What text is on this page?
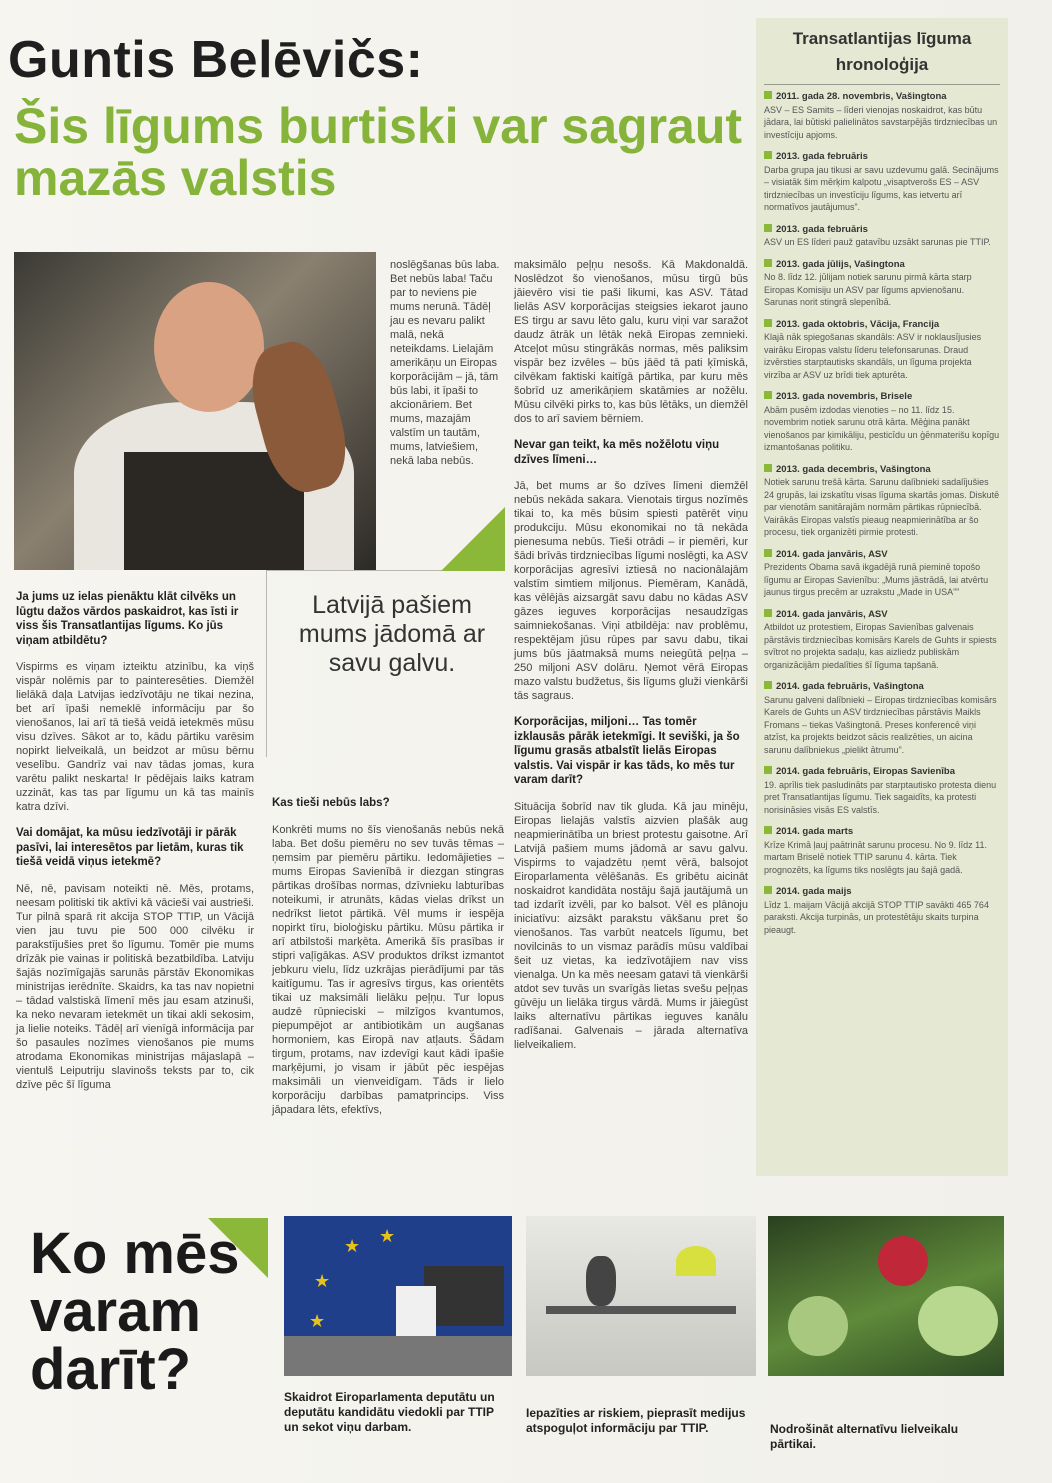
Guntis Belēvičs:
Šis līgums burtiski var sagraut mazās valstis
Ja jums uz ielas pienāktu klāt cilvēks un lūgtu dažos vārdos paskaidrot, kas īsti ir viss šis Transatlantijas līgums. Ko jūs viņam atbildētu?
Vispirms es viņam izteiktu atzinību, ka viņš vispār nolēmis par to painteresēties. Diemžēl lielākā daļa Latvijas iedzīvotāju ne tikai nezina, bet arī īpaši nemeklē informāciju par šo vienošanos, lai arī tā tiešā veidā ietekmēs mūsu visu dzīves. Sākot ar to, kādu pārtiku varēsim nopirkt lielveikalā, un beidzot ar mūsu bērnu veselību. Gandrīz vai nav tādas jomas, kura varētu palikt neskarta! Ir pēdējais laiks katram uzzināt, kas tas par līgumu un kā tas mainīs katra dzīvi.
Vai domājat, ka mūsu iedzīvotāji ir pārāk pasīvi, lai interesētos par lietām, kuras tik tiešā veidā viņus ietekmē?
Nē, nē, pavisam noteikti nē. Mēs, protams, neesam politiski tik aktīvi kā vācieši vai austrieši. Tur pilnā sparā rit akcija STOP TTIP, un Vācijā vien jau tuvu pie 500 000 cilvēku ir parakstījušies pret šo līgumu. Tomēr pie mums drīzāk pie vainas ir politiskā bezatbildība. Latviju šajās nozīmīgajās sarunās pārstāv Ekonomikas ministrijas ierēdnīte. Skaidrs, ka tas nav nopietni – tādad valstiskā līmenī mēs jau esam atzinuši, ka neko nevaram ietekmēt un tikai akli sekosim, ja lielie noteiks. Tādēļ arī vienīgā informācija par šo pasaules nozīmes vienošanos pie mums atrodama Ekonomikas ministrijas mājaslapā – vientulš Leiputriju slavinošs teksts par to, cik dzīve pēc šī līguma
noslēgšanas būs laba. Bet nebūs laba! Taču par to neviens pie mums nerunā. Tādēļ jau es nevaru palikt malā, nekā neteikdams. Lielajām amerikāņu un Eiropas korporācijām – jā, tām būs labi, it īpaši to akcionāriem. Bet mums, mazajām valstīm un tautām, mums, latviešiem, nekā laba nebūs.
Latvijā pašiem mums jādomā ar savu galvu.
Kas tieši nebūs labs?
Konkrēti mums no šīs vienošanās nebūs nekā laba. Bet došu piemēru no sev tuvās tēmas – ņemsim par piemēru pārtiku. Iedomājieties – mums Eiropas Savienībā ir diezgan stingras pārtikas drošības normas, dzīvnieku labturības noteikumi, ir atrunāts, kādas vielas drīkst un nedrīkst lietot pārtikā. Vēl mums ir iespēja nopirkt tīru, bioloģisku pārtiku. Mūsu pārtika ir arī atbilstoši marķēta. Amerikā šīs prasības ir stipri vaļīgākas. ASV produktos drīkst izmantot jebkuru vielu, līdz uzkrājas pierādījumi par tās kaitīgumu. Tas ir agresīvs tirgus, kas orientēts tikai uz maksimāli lielāku peļņu. Tur lopus audzē rūpnieciski – milzīgos kvantumos, piepumpējot ar antibiotikām un augšanas hormoniem, kas Eiropā nav atļauts. Šādam tirgum, protams, nav izdevīgi kaut kādi īpašie marķējumi, jo visam ir jābūt pēc iespējas maksimāli un vienveidīgam. Tāds ir lielo korporāciju darbības pamatprincips. Viss jāpadara lēts, efektīvs,
maksimālo peļņu nesošs. Kā Makdonaldā. Noslēdzot šo vienošanos, mūsu tirgū būs jāievēro visi tie paši likumi, kas ASV. Tātad lielās ASV korporācijas steigsies iekarot jauno ES tirgu ar savu lēto galu, kuru viņi var saražot daudz ātrāk un lētāk nekā Eiropas zemnieki. Atceļot mūsu stingrākās normas, mēs paliksim vispār bez izvēles – būs jāēd tā pati ķīmiskā, cilvēkam faktiski kaitīgā pārtika, par kuru mēs šobrīd uz amerikāņiem skatāmies ar nožēlu. Mūsu cilvēki pirks to, kas būs lētāks, un diemžēl dos to arī saviem bērniem.
Nevar gan teikt, ka mēs nožēlotu viņu dzīves līmeni…
Jā, bet mums ar šo dzīves līmeni diemžēl nebūs nekāda sakara. Vienotais tirgus nozīmēs tikai to, ka mēs būsim spiesti patērēt viņu produkciju. Mūsu ekonomikai no tā nekāda pienesuma nebūs. Tieši otrādi – ir piemēri, kur šādi brīvās tirdzniecības līgumi noslēgti, ka ASV korporācijas agresīvi iztiesā no nacionālajām valstīm simtiem miljonus. Piemēram, Kanādā, kas vēlējās aizsargāt savu dabu no kādas ASV gāzes ieguves korporācijas nesaudzīgas saimniekošanas. Viņi atbildēja: nav problēmu, respektējam jūsu rūpes par savu dabu, tikai jums būs jāatmaksā mums neiegūtā peļņa – 250 miljoni ASV dolāru. Ņemot vērā Eiropas mazo valstu budžetus, šis līgums gluži vienkārši tās sagraus.
Korporācijas, miljoni… Tas tomēr izklausās pārāk ietekmīgi. It seviški, ja šo līgumu grasās atbalstīt lielās Eiropas valstis. Vai vispār ir kas tāds, ko mēs tur varam darīt?
Situācija šobrīd nav tik gluda. Kā jau minēju, Eiropas lielajās valstīs aizvien plašāk aug neapmierinātība un briest protestu gaisotne. Arī Latvijā pašiem mums jādomā ar savu galvu. Vispirms to vajadzētu ņemt vērā, balsojot Eiroparlamenta vēlēšanās. Es gribētu aicināt noskaidrot kandidāta nostāju šajā jautājumā un tad izdarīt izvēli, par ko balsot. Vēl es plānoju iniciatīvu: aizsākt parakstu vākšanu pret šo vienošanos. Tas varbūt neatcels līgumu, bet novilcinās to un vismaz parādīs mūsu valdībai šeit uz vietas, ka iedzīvotājiem nav viss vienalga. Un ka mēs neesam gatavi tā vienkārši atdot sev tuvās un svarīgās lietas svešu peļņas gūvēju un lielāka tirgus vārdā. Mums ir jāiegūst laiks alternatīvu pārtikas ieguves kanālu radīšanai. Galvenais – jārada alternatīva lielveikaliem.
Transatlantijas līguma hronoloģija
2011. gada 28. novembris, Vašingtona
ASV – ES Samits – līderi vienojas noskaidrot, kas būtu jādara, lai būtiski palielinātos savstarpējās tirdzniecības un investīciju apjoms.
2013. gada februāris
Darba grupa jau tikusi ar savu uzdevumu galā. Secinājums – visiatāk šim mērķim kalpotu „visaptverošs ES – ASV tirdzniecības un investīciju līgums, kas ietvertu arī normatīvos jautājumus”.
2013. gada februāris
ASV un ES līderi pauž gatavību uzsākt sarunas pie TTIP.
2013. gada jūlijs, Vašingtona
No 8. līdz 12. jūlijam notiek sarunu pirmā kārta starp Eiropas Komisiju un ASV par līgums apvienošanu. Sarunas norit stingrā slepenībā.
2013. gada oktobris, Vācija, Francija
Klajā nāk spiegošanas skandāls: ASV ir noklausījusies vairāku Eiropas valstu līderu telefonsarunas. Draud izvērsties starptautisks skandāls, un līguma projekta virzība ar ASV uz brīdi tiek apturēta.
2013. gada novembris, Brisele
Abām pusēm izdodas vienoties – no 11. līdz 15. novembrim notiek sarunu otrā kārta. Mēģina panākt vienošanos par ķimikāliju, pesticīdu un ģēnmaterišu kopīgu izmantošanas politiku.
2013. gada decembris, Vašingtona
Notiek sarunu trešā kārta. Sarunu dalībnieki sadalījušies 24 grupās, lai izskatītu visas līguma skartās jomas. Diskutē par vienotām sanitārajām normām pārtikas rūpniecībā. Vairākās Eiropas valstīs pieaug neapmierinātība ar šo procesu, tiek organizēti pirmie protesti.
2014. gada janvāris, ASV
Prezidents Obama savā ikgadējā runā pieminē topošo līgumu ar Eiropas Savienību: „Mums jāstrādā, lai atvērtu jaunus tirgus precēm ar uzrakstu „Made in USA””
2014. gada janvāris, ASV
Atbildot uz protestiem, Eiropas Savienības galvenais pārstāvis tirdzniecības komisārs Karels de Guhts ir spiests svītrot no projekta sadaļu, kas aizliedz publiskām organizācijām piedalīties šī līguma tapšanā.
2014. gada februāris, Vašingtona
Sarunu galveni dalībnieki – Eiropas tirdzniecības komisārs Karels de Guhts un ASV tirdzniecības pārstāvis Maikls Fromans – tiekas Vašingtonā. Preses konferencē viņi atzīst, ka projekts beidzot sācis realizēties, un aicina sarunu dalībniekus „pielikt ātrumu”.
2014. gada februāris, Eiropas Savienība
19. aprīlis tiek pasludināts par starptautisko protesta dienu pret Transatlantijas līgumu. Tiek sagaidīts, ka protesti norisināsies visās ES valstīs.
2014. gada marts
Krīze Krimā ļauj paātrināt sarunu procesu. No 9. līdz 11. martam Briselē notiek TTIP sarunu 4. kārta. Tiek prognozēts, ka līgums tiks noslēgts jau šajā gadā.
2014. gada maijs
Līdz 1. maijam Vācijā akcijā STOP TTIP savākti 465 764 paraksti. Akcija turpinās, un protestētāju skaits turpina pieaugt.
Ko mēs varam darīt?
★
★
★
★
Skaidrot Eiroparlamenta deputātu un deputātu kandidātu viedokli par TTIP un sekot viņu darbam.
Iepazīties ar riskiem, pieprasīt medijus atspoguļot informāciju par TTIP.	Nodrošināt alternatīvu lielveikalu pārtikai.
